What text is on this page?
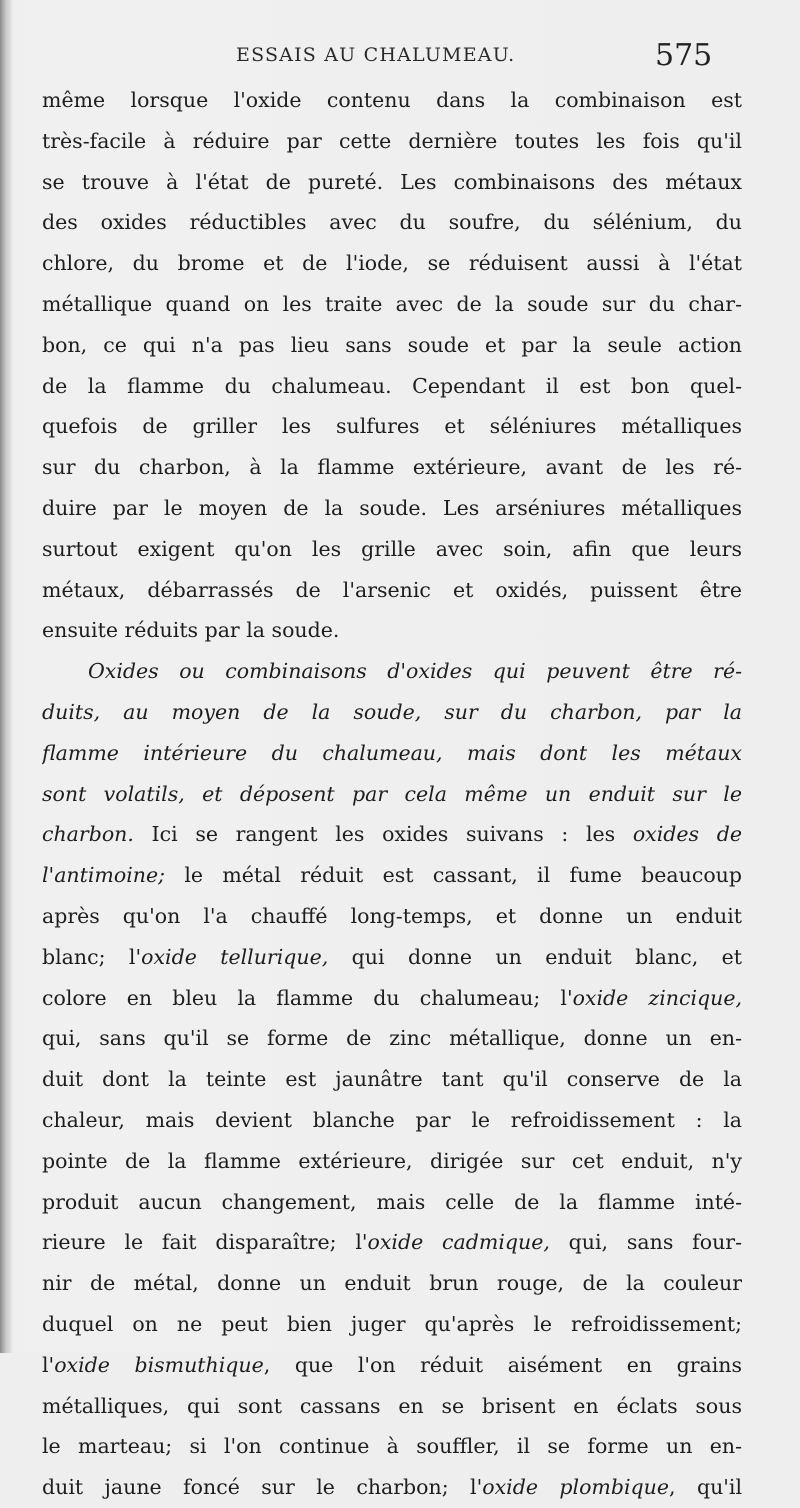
ESSAIS AU CHALUMEAU.	575
même lorsque l'oxide contenu dans la combinaison est
très-facile à réduire par cette dernière toutes les fois qu'il
se trouve à l'état de pureté. Les combinaisons des métaux
des oxides réductibles avec du soufre, du sélénium, du
chlore, du brome et de l'iode, se réduisent aussi à l'état
métallique quand on les traite avec de la soude sur du char-
bon, ce qui n'a pas lieu sans soude et par la seule action
de la flamme du chalumeau. Cependant il est bon quel-
quefois de griller les sulfures et séléniures métalliques
sur du charbon, à la flamme extérieure, avant de les ré-
duire par le moyen de la soude. Les arséniures métalliques
surtout exigent qu'on les grille avec soin, afin que leurs
métaux, débarrassés de l'arsenic et oxidés, puissent être
ensuite réduits par la soude.
Oxides ou combinaisons d'oxides qui peuvent être ré-
duits, au moyen de la soude, sur du charbon, par la
flamme intérieure du chalumeau, mais dont les métaux
sont volatils, et déposent par cela même un enduit sur le
charbon. Ici se rangent les oxides suivans : les oxides de
l'antimoine; le métal réduit est cassant, il fume beaucoup
après qu'on l'a chauffé long-temps, et donne un enduit
blanc; l'oxide tellurique, qui donne un enduit blanc, et
colore en bleu la flamme du chalumeau; l'oxide zincique,
qui, sans qu'il se forme de zinc métallique, donne un en-
duit dont la teinte est jaunâtre tant qu'il conserve de la
chaleur, mais devient blanche par le refroidissement : la
pointe de la flamme extérieure, dirigée sur cet enduit, n'y
produit aucun changement, mais celle de la flamme inté-
rieure le fait disparaître; l'oxide cadmique, qui, sans four-
nir de métal, donne un enduit brun rouge, de la couleur
duquel on ne peut bien juger qu'après le refroidissement;
l'oxide bismuthique, que l'on réduit aisément en grains
métalliques, qui sont cassans en se brisent en éclats sous
le marteau; si l'on continue à souffler, il se forme un en-
duit jaune foncé sur le charbon; l'oxide plombique, qu'il
